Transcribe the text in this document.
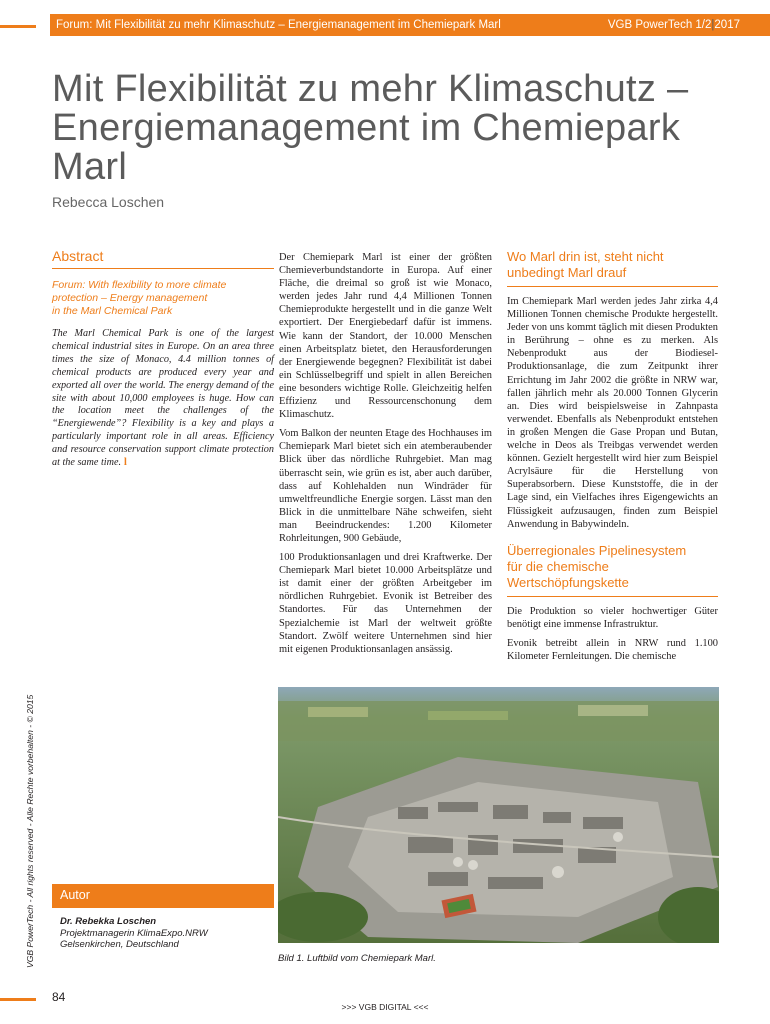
Forum: Mit Flexibilität zu mehr Klimaschutz – Energiemanagement im Chemiepark Marl	VGB PowerTech 1/2|2017
Mit Flexibilität zu mehr Klimaschutz – Energiemanagement im Chemiepark Marl
Rebecca Loschen
Abstract
Forum: With flexibility to more climate
protection – Energy management
in the Marl Chemical Park

The Marl Chemical Park is one of the largest chemical industrial sites in Europe. On an area three times the size of Monaco, 4.4 million tonnes of chemical products are produced every year and exported all over the world. The energy demand of the site with about 10,000 employees is huge. How can the location meet the challenges of the “Energiewende”? Flexibility is a key and plays a particularly important role in all areas. Efficiency and resource conservation support climate protection at the same time. l

VGB PowerTech - All rights reserved - Alle Rechte vorbehalten - © 2015	Autor
Dr. Rebekka Loschen
Projektmanagerin KlimaExpo.NRW
Gelsenkirchen, Deutschland

Der Chemiepark Marl ist einer der größten Chemieverbundstandorte in Europa. Auf einer Fläche, die dreimal so groß ist wie Monaco, werden jedes Jahr rund 4,4 Millionen Tonnen Chemieprodukte hergestellt und in die ganze Welt exportiert. Der Energiebedarf dafür ist immens. Wie kann der Standort, der 10.000 Menschen einen Arbeitsplatz bietet, den Herausforderungen der Energiewende begegnen? Flexibilität ist dabei ein Schlüsselbegriff und spielt in allen Bereichen eine besonders wichtige Rolle. Gleichzeitig helfen Effizienz und Ressourcenschonung dem Klimaschutz.

Vom Balkon der neunten Etage des Hochhauses im Chemiepark Marl bietet sich ein atemberaubender Blick über das nördliche Ruhrgebiet. Man mag überrascht sein, wie grün es ist, aber auch darüber, dass auf Kohlehalden nun Windräder für umweltfreundliche Energie sorgen. Lässt man den Blick in die unmittelbare Nähe schweifen, sieht man Beeindruckendes: 1.200 Kilometer Rohrleitungen, 900 Gebäude,

100 Produktionsanlagen und drei Kraftwerke. Der Chemiepark Marl bietet 10.000 Arbeitsplätze und ist damit einer der größten Arbeitgeber im nördlichen Ruhrgebiet. Evonik ist Betreiber des Standortes. Für das Unternehmen der Spezialchemie ist Marl der weltweit größte Standort. Zwölf weitere Unternehmen sind hier mit eigenen Produktionsanlagen ansässig.

Wo Marl drin ist, steht nicht
unbedingt Marl drauf

Im Chemiepark Marl werden jedes Jahr zirka 4,4 Millionen Tonnen chemische Produkte hergestellt. Jeder von uns kommt täglich mit diesen Produkten in Berührung – ohne es zu merken. Als Nebenprodukt aus der Biodiesel-Produktionsanlage, die zum Zeitpunkt ihrer Errichtung im Jahr 2002 die größte in NRW war, fallen jährlich mehr als 20.000 Tonnen Glycerin an. Dies wird beispielsweise in Zahnpasta verwendet. Ebenfalls als Nebenprodukt entstehen in großen Mengen die Gase Propan und Butan, welche in Deos als Treibgas verwendet werden können. Gezielt hergestellt wird hier zum Beispiel Acrylsäure für die Herstellung von Superabsorbern. Diese Kunststoffe, die in der Lage sind, ein Vielfaches ihres Eigengewichts an Flüssigkeit aufzusaugen, finden zum Beispiel Anwendung in Babywindeln.

Überregionales Pipelinesystem
für die chemische
Wertschöpfungskette

Die Produktion so vieler hochwertiger Güter benötigt eine immense Infrastruktur.

Evonik betreibt allein in NRW rund 1.100 Kilometer Fernleitungen. Die chemische

Bild 1. Luftbild vom Chemiepark Marl.
84
>>> VGB DIGITAL <<<
